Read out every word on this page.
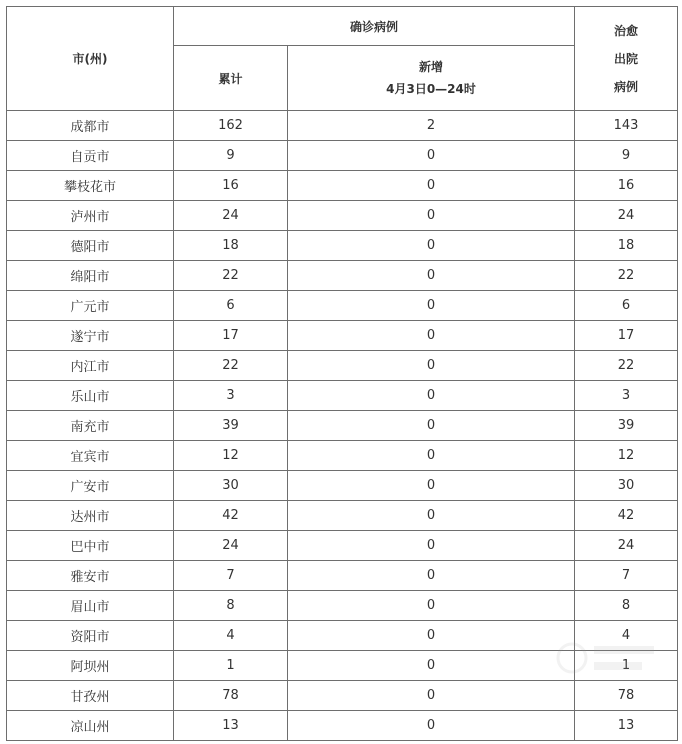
市(州)	确诊病例		治愈
出院
病例

	累计	新增
4月3日0—24时	

成都市	162	2	143
自贡市	9	0	9
攀枝花市	16	0	16
泸州市	24	0	24
德阳市	18	0	18
绵阳市	22	0	22
广元市	6	0	6
遂宁市	17	0	17
内江市	22	0	22
乐山市	3	0	3
南充市	39	0	39
宜宾市	12	0	12
广安市	30	0	30
达州市	42	0	42
巴中市	24	0	24
雅安市	7	0	7
眉山市	8	0	8
资阳市	4	0	4
阿坝州	1	0	1
甘孜州	78	0	78
凉山州	13	0	13
